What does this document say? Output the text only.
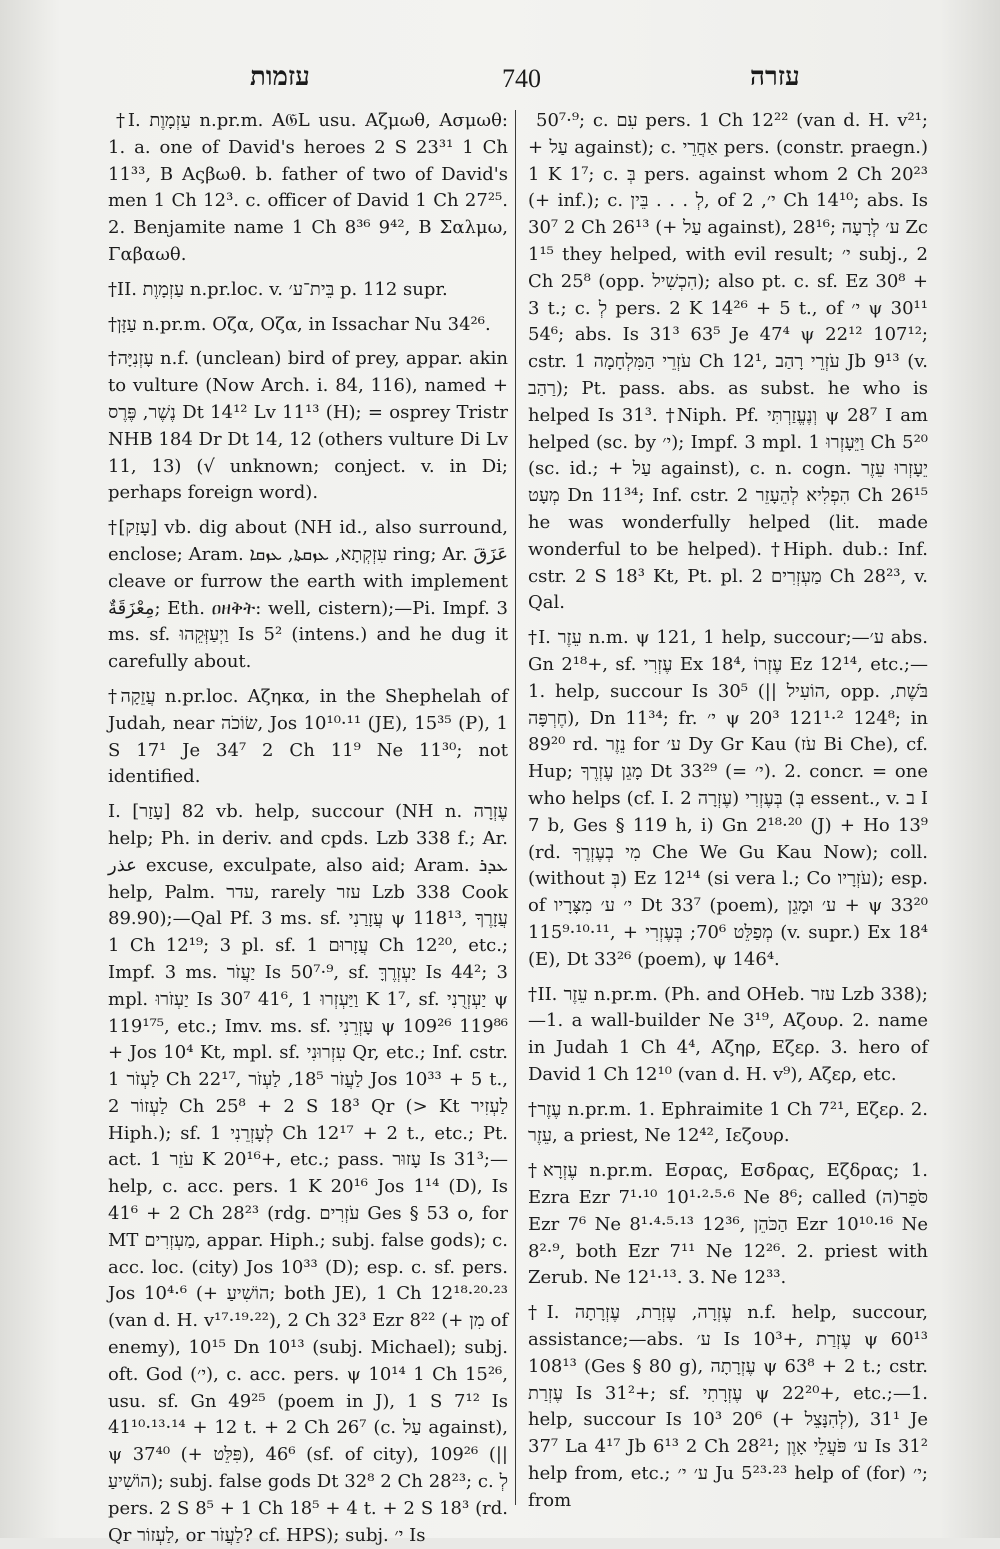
עזמות	740	עזרה

†I. עַזְמָוֶת n.pr.m. A𝔊L usu. Αζμωθ, Ασμωθ: 1. a. one of David's heroes 2 S 23³¹ 1 Ch 11³³, B Αςβωθ. b. father of two of David's men 1 Ch 12³. c. officer of David 1 Ch 27²⁵. 2. Benjamite name 1 Ch 8³⁶ 9⁴², B Σαλμω, Γαβαωθ.

†II. עַזְמָוֶת n.pr.loc. v. בֵּית־ע׳ p. 112 supr.

†עַזָּן n.pr.m. Οζα, Οζα, in Issachar Nu 34²⁶.

†עָזְנִיָּה n.f. (unclean) bird of prey, appar. akin to vulture (Now Arch. i. 84, 116), named + נֶשֶׁר, פֶּרֶס Dt 14¹² Lv 11¹³ (H); = osprey Tristr NHB 184 Dr Dt 14, 12 (others vulture Di Lv 11, 13) (√ unknown; conject. v. in Di; perhaps foreign word).

†[עָזַק] vb. dig about (NH id., also surround, enclose; Aram. עִזְקְתָא, ܥܙܩܬܐ, ܥܙܩܐ ring; Ar. عَزَقَ cleave or furrow the earth with implement مِعْزَقَةٌ; Eth. ዐዘቅት: well, cistern);—Pi. Impf. 3 ms. sf. וַיְעַזְּקֵהוּ Is 5² (intens.) and he dug it carefully about.

†עֲזֵקָה n.pr.loc. Αζηκα, in the Shephelah of Judah, near שׂוֹכֹה, Jos 10¹⁰·¹¹ (JE), 15³⁵ (P), 1 S 17¹ Je 34⁷ 2 Ch 11⁹ Ne 11³⁰; not identified.

I. [עָזַר] 82 vb. help, succour (NH n. עֶזְרָה help; Ph. in deriv. and cpds. Lzb 338 f.; Ar. عذر excuse, exculpate, also aid; Aram. ܥܕܪ help, Palm. עדר, rarely עזר Lzb 338 Cook 89.90);—Qal Pf. 3 ms. sf. עֲזָרַנִי ψ 118¹³, עֲזָרֶךָ 1 Ch 12¹⁹; 3 pl. sf. עֲזָרוּם 1 Ch 12²⁰, etc.; Impf. 3 ms. יַעֲזֹר Is 50⁷·⁹, sf. יַעְזְרֶךָּ Is 44²; 3 mpl. יַעְזֹרוּ Is 30⁷ 41⁶, וַיַּעְזְרוּ 1 K 1⁷, sf. יַעְזְרֻנִי ψ 119¹⁷⁵, etc.; Imv. ms. sf. עָזְרֵנִי ψ 109²⁶ 119⁸⁶ + Jos 10⁴ Kt, mpl. sf. עִזְרוּנִי Qr, etc.; Inf. cstr. לַעְזֹר 1 Ch 22¹⁷, לַעֲזֹר 18⁵, לַעְזֹר Jos 10³³ + 5 t., לַעְזוֹר 2 Ch 25⁸ + 2 S 18³ Qr (> Kt לַעְזִיר Hiph.); sf. לְעָזְרֵנִי 1 Ch 12¹⁷ + 2 t., etc.; Pt. act. עֹזֵר 1 K 20¹⁶+, etc.; pass. עָזוּר Is 31³;—help, c. acc. pers. 1 K 20¹⁶ Jos 1¹⁴ (D), Is 41⁶ + 2 Ch 28²³ (rdg. עֹזְרִים Ges § 53 o, for MT מַעְזְרִים, appar. Hiph.; subj. false gods); c. acc. loc. (city) Jos 10³³ (D); esp. c. sf. pers. Jos 10⁴·⁶ (+ הוֹשִׁיעַ; both JE), 1 Ch 12¹⁸·²⁰·²³ (van d. H. v¹⁷·¹⁹·²²), 2 Ch 32³ Ezr 8²² (+ מִן of enemy), 10¹⁵ Dn 10¹³ (subj. Michael); subj. oft. God (י׳), c. acc. pers. ψ 10¹⁴ 1 Ch 15²⁶, usu. sf. Gn 49²⁵ (poem in J), 1 S 7¹² Is 41¹⁰·¹³·¹⁴ + 12 t. + 2 Ch 26⁷ (c. עַל against), ψ 37⁴⁰ (+ פִּלֵּט), 46⁶ (sf. of city), 109²⁶ (|| הוֹשִׁיעַ); subj. false gods Dt 32⁸ 2 Ch 28²³; c. לְ pers. 2 S 8⁵ + 1 Ch 18⁵ + 4 t. + 2 S 18³ (rd. Qr לַעְזוֹר, or לַעֲזֹר? cf. HPS); subj. י׳ Is

50⁷·⁹; c. עִם pers. 1 Ch 12²² (van d. H. v²¹; + עַל against); c. אַחֲרֵי pers. (constr. praegn.) 1 K 1⁷; c. בְּ pers. against whom 2 Ch 20²³ (+ inf.); c. לְ . . . בֵּין, of י׳, 2 Ch 14¹⁰; abs. Is 30⁷ 2 Ch 26¹³ (+ עַל against), 28¹⁶; ע׳ לְרָעָה Zc 1¹⁵ they helped, with evil result; י׳ subj., 2 Ch 25⁸ (opp. הִכְשִׁיל); also pt. c. sf. Ez 30⁸ + 3 t.; c. לְ pers. 2 K 14²⁶ + 5 t., of י׳ ψ 30¹¹ 54⁶; abs. Is 31³ 63⁵ Je 47⁴ ψ 22¹² 107¹²; cstr. עֹזְרֵי הַמִּלְחָמָה 1 Ch 12¹, עֹזְרֵי רָהַב Jb 9¹³ (v. רַהַב); Pt. pass. abs. as subst. he who is helped Is 31³. †Niph. Pf. וְנֶעֱזַרְתִּי ψ 28⁷ I am helped (sc. by י׳); Impf. 3 mpl. וַיֵּעָזְרוּ 1 Ch 5²⁰ (sc. id.; + עַל against), c. n. cogn. יֵעָזְרוּ עֵזֶר מְעָט Dn 11³⁴; Inf. cstr. הִפְלִיא לְהֵעָזֵר 2 Ch 26¹⁵ he was wonderfully helped (lit. made wonderful to be helped). †Hiph. dub.: Inf. cstr. 2 S 18³ Kt, Pt. pl. מַעְזְרִים 2 Ch 28²³, v. Qal.

†I. עֵזֶר n.m. ψ 121, 1 help, succour;—ע׳ abs. Gn 2¹⁸+, sf. עֶזְרִי Ex 18⁴, עֶזְרוֹ Ez 12¹⁴, etc.;— 1. help, succour Is 30⁵ (|| הוֹעִיל, opp. בֹּשֶׁת, חֶרְפָּה), Dn 11³⁴; fr. י׳ ψ 20³ 121¹·² 124⁸; in 89²⁰ rd. נֵזֶר for ע׳ Dy Gr Kau (עֹז Bi Che), cf. Hup; מָגֵן עֶזְרֶךָ Dt 33²⁹ (= י׳). 2. concr. = one who helps (cf. I. עֶזְרָה 2) בְּעֶזְרִי (בְּ essent., v. ב I 7 b, Ges § 119 h, i) Gn 2¹⁸·²⁰ (J) + Ho 13⁹ (rd. מִי בְעֶזְרֶךָ Che We Gu Kau Now); coll. (without בְּ) Ez 12¹⁴ (si vera l.; Co עֹזְרָיו); esp. of י׳ ע׳ מִצָּרָיו Dt 33⁷ (poem), ע׳ וּמָגֵן + ψ 33²⁰ 115⁹·¹⁰·¹¹, + מְפַלֵּט 70⁶; בְּעֶזְרִי (v. supr.) Ex 18⁴ (E), Dt 33²⁶ (poem), ψ 146⁴.

†II. עֵזֶר n.pr.m. (Ph. and OHeb. עזר Lzb 338);—1. a wall-builder Ne 3¹⁹, Αζουρ. 2. name in Judah 1 Ch 4⁴, Αζηρ, Εζερ. 3. hero of David 1 Ch 12¹⁰ (van d. H. v⁹), Αζερ, etc.

†עֶזֶר n.pr.m. 1. Ephraimite 1 Ch 7²¹, Εζερ. 2. עֵזֶר, a priest, Ne 12⁴², Ιεζουρ.

†עֶזְרָא n.pr.m. Εσρας, Εσδρας, Εζδρας; 1. Ezra Ezr 7¹·¹⁰ 10¹·²·⁵·⁶ Ne 8⁶; called (ה)סֹּפֵר Ezr 7⁶ Ne 8¹·⁴·⁵·¹³ 12³⁶, הַכֹּהֵן Ezr 10¹⁰·¹⁶ Ne 8²·⁹, both Ezr 7¹¹ Ne 12²⁶. 2. priest with Zerub. Ne 12¹·¹³. 3. Ne 12³³.

†I. עֶזְרָה, עֶזְרַת, עֶזְרָתָה n.f. help, succour, assistance;—abs. ע׳ Is 10³+, עֶזְרַת ψ 60¹³ 108¹³ (Ges § 80 g), עֶזְרָתָה ψ 63⁸ + 2 t.; cstr. עֶזְרַת Is 31²+; sf. עֶזְרָתִי ψ 22²⁰+, etc.;—1. help, succour Is 10³ 20⁶ (+ לְהִנָּצֵל), 31¹ Je 37⁷ La 4¹⁷ Jb 6¹³ 2 Ch 28²¹; ע׳ פֹּעֲלֵי אָוֶן Is 31² help from, etc.; ע׳ י׳ Ju 5²³·²³ help of (for) י׳; from
